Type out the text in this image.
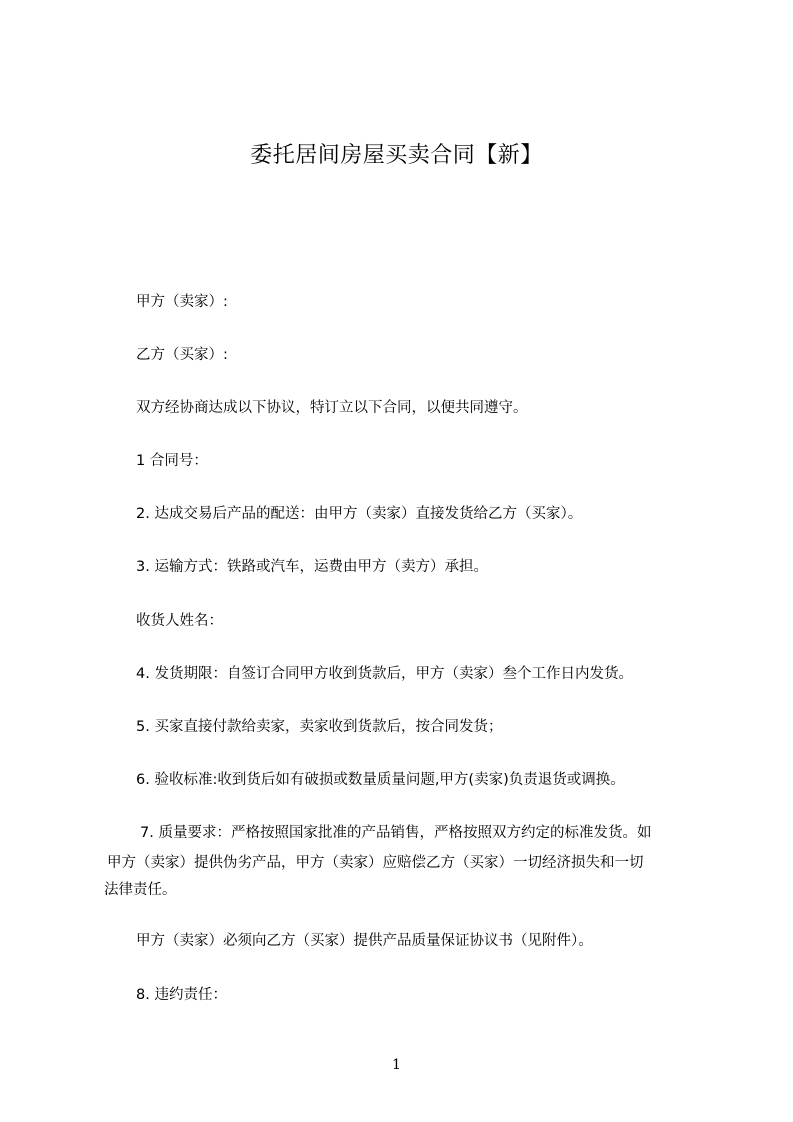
委托居间房屋买卖合同【新】

甲方（卖家）:

乙方（买家）:

双方经协商达成以下协议，特订立以下合同，以便共同遵守。

1 合同号：

2. 达成交易后产品的配送：由甲方（卖家）直接发货给乙方（买家）。

3. 运输方式：铁路或汽车，运费由甲方（卖方）承担。

收货人姓名：

4. 发货期限：自签订合同甲方收到货款后，甲方（卖家）叁个工作日内发货。

5. 买家直接付款给卖家，卖家收到货款后，按合同发货；

6. 验收标准:收到货后如有破损或数量质量问题,甲方(卖家)负责退货或调换。

7. 质量要求：严格按照国家批准的产品销售，严格按照双方约定的标准发货。如

甲方（卖家）提供伪劣产品，甲方（卖家）应赔偿乙方（买家）一切经济损失和一切

法律责任。

甲方（卖家）必须向乙方（买家）提供产品质量保证协议书（见附件）。

8. 违约责任：

1
